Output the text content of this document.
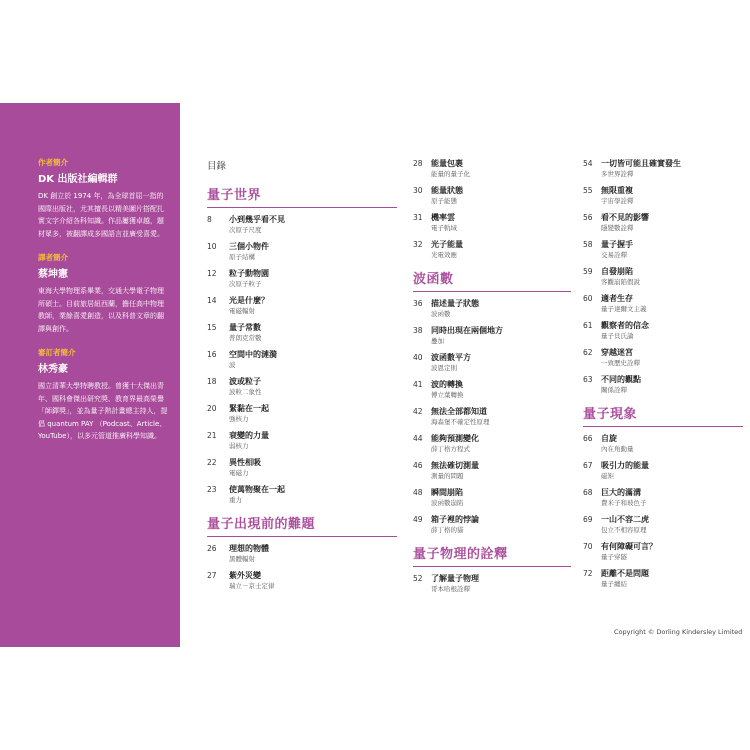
作者簡介
DK 出版社編輯群
DK 創立於 1974 年，為全球首屈一指的國際出版社，尤其擅長以精美圖片搭配扎實文字介紹各科知識。作品屢獲卓越，題材眾多，被翻譯成多國語言並廣受喜愛。
譯者簡介
蔡坤憲
東海大學物理系畢業，交通大學電子物理所碩士。目前旅居紐西蘭，擔任高中物理教師，業餘喜愛創造，以及科普文章的翻譯與創作。
審訂者簡介
林秀豪
國立清華大學特聘教授。曾獲十大傑出青年、國科會傑出研究獎、教育界最高榮譽「師鐸獎」，並為量子熱計畫總主持人，提倡 quantum PAY （Podcast、Article、YouTube），以多元管道推廣科學知識。
目錄
量子世界
8	小到幾乎看不見
次原子尺度
10	三個小物件
原子結構
12	粒子動物園
次原子粒子
14	光是什麼？
電磁輻射
15	量子常數
普朗克常數
16	空間中的漣漪
波
18	波或粒子
波粒二象性
20	緊黏在一起
強核力
21	衰變的力量
弱核力
22	異性相吸
電磁力
23	使萬物聚在一起
重力
量子出現前的難題
26	理想的物體
黑體輻射
27	紫外災變
瑞立－京士定律
28	能量包裹
能量的量子化
30	能量狀態
原子能態
31	機率雲
電子軌域
32	光子能量
光電效應
波函數
36	描述量子狀態
波函數
38	同時出現在兩個地方
疊加
40	波函數平方
波恩定則
41	波的轉換
傅立葉轉換
42	無法全部都知道
海森堡不確定性原理
44	能夠預測變化
薛丁格方程式
46	無法確切測量
測量的問題
48	瞬間崩陷
波函數崩陷
49	箱子裡的悖論
薛丁格的貓
量子物理的詮釋
52	了解量子物理
哥本哈根詮釋
54	一切皆可能且確實發生
多世界詮釋
55	無限重複
宇宙學詮釋
56	看不見的影響
隱變數詮釋
58	量子握手
交易詮釋
59	自發崩陷
客觀崩陷假說
60	適者生存
量子達爾文主義
61	觀察者的信念
量子貝氏論
62	穿越迷宮
一致歷史詮釋
63	不同的觀點
關係詮釋
量子現象
66	自旋
內在角動量
67	吸引力的能量
磁矩
68	巨大的滿溝
費米子和玻色子
69	一山不容二虎
包立不相容原理
70	有何障礙可言？
量子穿隧
72	距離不是問題
量子纏結
Copyright © Dorling Kindersley Limited
